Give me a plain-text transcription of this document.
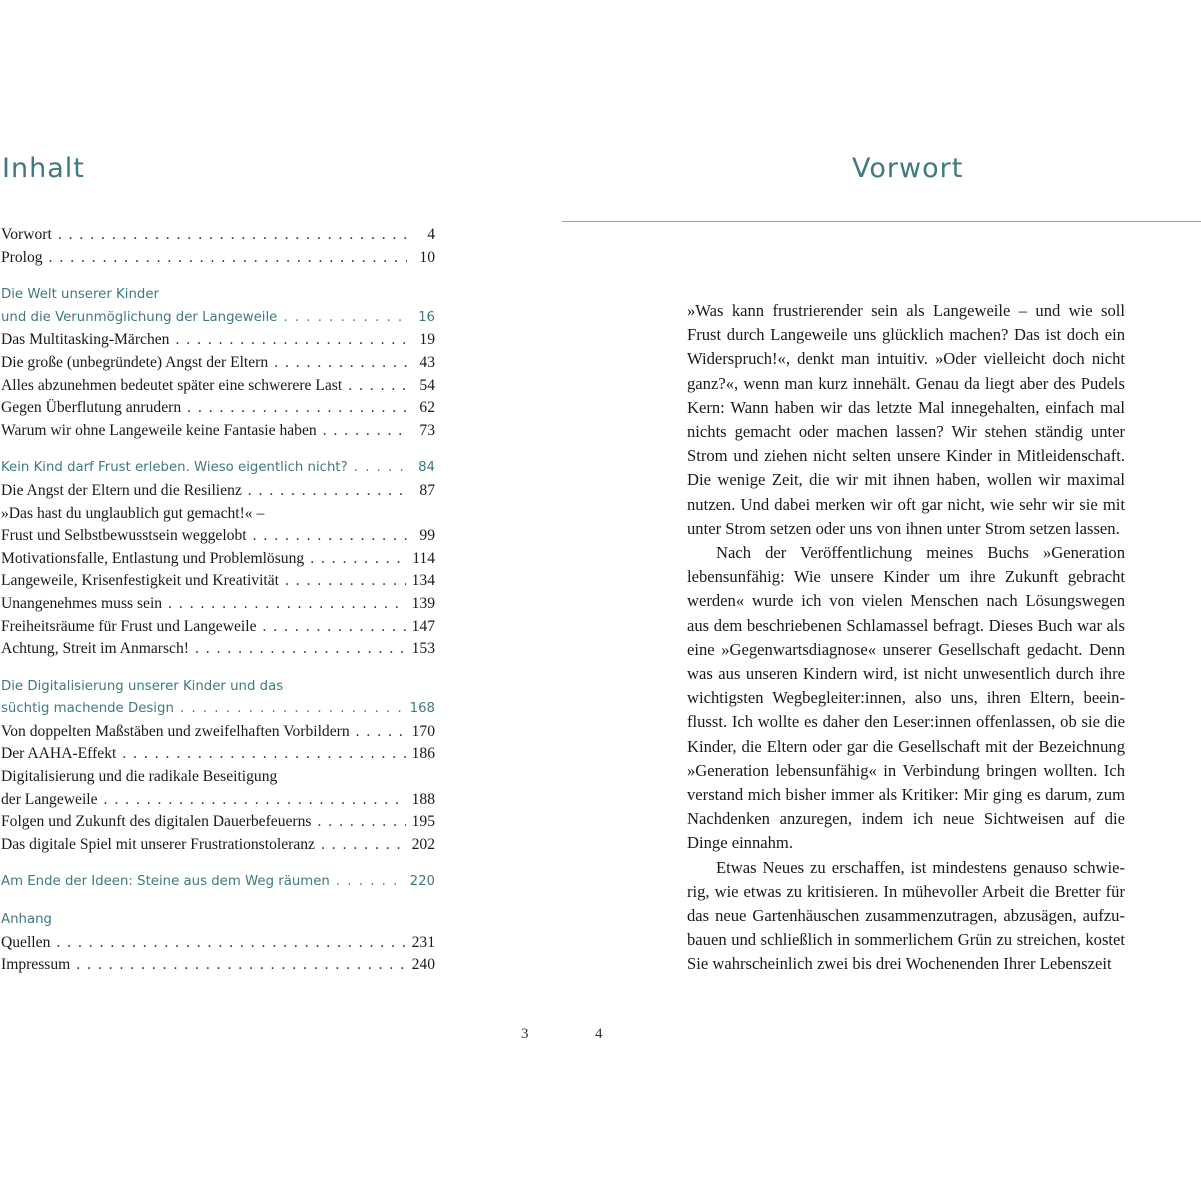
Inhalt
Vorwort . . .	4
Prolog . . .	10
Die Welt unserer Kinder
und die Verunmöglichung der Langeweile . . .	16
Das Multitasking-Märchen . . .	19
Die große (unbegründete) Angst der Eltern . . .	43
Alles abzunehmen bedeutet später eine schwerere Last . . .	54
Gegen Überflutung anrudern . . .	62
Warum wir ohne Langeweile keine Fantasie haben . . .	73
Kein Kind darf Frust erleben. Wieso eigentlich nicht? . . .	84
Die Angst der Eltern und die Resilienz . . .	87
»Das hast du unglaublich gut gemacht!« –
Frust und Selbstbewusstsein weggelobt . . .	99
Motivationsfalle, Entlastung und Problemlösung . . .	114
Langeweile, Krisenfestigkeit und Kreativität . . .	134
Unangenehmes muss sein . . .	139
Freiheitsräume für Frust und Langeweile . . .	147
Achtung, Streit im Anmarsch! . . .	153
Die Digitalisierung unserer Kinder und das
süchtig machende Design . . .	168
Von doppelten Maßstäben und zweifelhaften Vorbildern . . .	170
Der AAHA-Effekt . . .	186
Digitalisierung und die radikale Beseitigung
der Langeweile . . .	188
Folgen und Zukunft des digitalen Dauerbefeuerns . . .	195
Das digitale Spiel mit unserer Frustrationstoleranz . . .	202
Am Ende der Ideen: Steine aus dem Weg räumen . . .	220
Anhang
Quellen . . .	231
Impressum . . .	240
3
Vorwort

»Was kann frustrierender sein als Langeweile – und wie soll Frust durch Langeweile uns glücklich machen? Das ist doch ein Widerspruch!«, denkt man intuitiv. »Oder vielleicht doch nicht ganz?«, wenn man kurz innehält. Genau da liegt aber des Pudels Kern: Wann haben wir das letzte Mal innegehalten, einfach mal nichts gemacht oder machen lassen? Wir stehen ständig unter Strom und ziehen nicht selten unsere Kinder in Mitleidenschaft. Die wenige Zeit, die wir mit ihnen haben, wollen wir maximal nutzen. Und dabei merken wir oft gar nicht, wie sehr wir sie mit unter Strom setzen oder uns von ihnen unter Strom setzen lassen.

Nach der Veröffentlichung meines Buchs »Generation lebensunfähig: Wie unsere Kinder um ihre Zukunft gebracht werden« wurde ich von vielen Menschen nach Lösungswegen aus dem beschriebenen Schlamassel befragt. Dieses Buch war als eine »Gegenwartsdiagnose« unserer Gesellschaft gedacht. Denn was aus unseren Kindern wird, ist nicht unwesentlich durch ihre wichtigsten Wegbegleiter:innen, also uns, ihren Eltern, beeinflusst. Ich wollte es daher den Leser:innen offenlassen, ob sie die Kinder, die Eltern oder gar die Gesellschaft mit der Bezeichnung »Generation lebensunfähig« in Verbindung bringen wollten. Ich verstand mich bisher immer als Kritiker: Mir ging es darum, zum Nachdenken anzuregen, indem ich neue Sichtweisen auf die Dinge einnahm.

Etwas Neues zu erschaffen, ist mindestens genauso schwierig, wie etwas zu kritisieren. In mühevoller Arbeit die Bretter für das neue Gartenhäuschen zusammenzutragen, abzusägen, aufzubauen und schließlich in sommerlichem Grün zu streichen, kostet Sie wahrscheinlich zwei bis drei Wochenenden Ihrer Lebenszeit

4
